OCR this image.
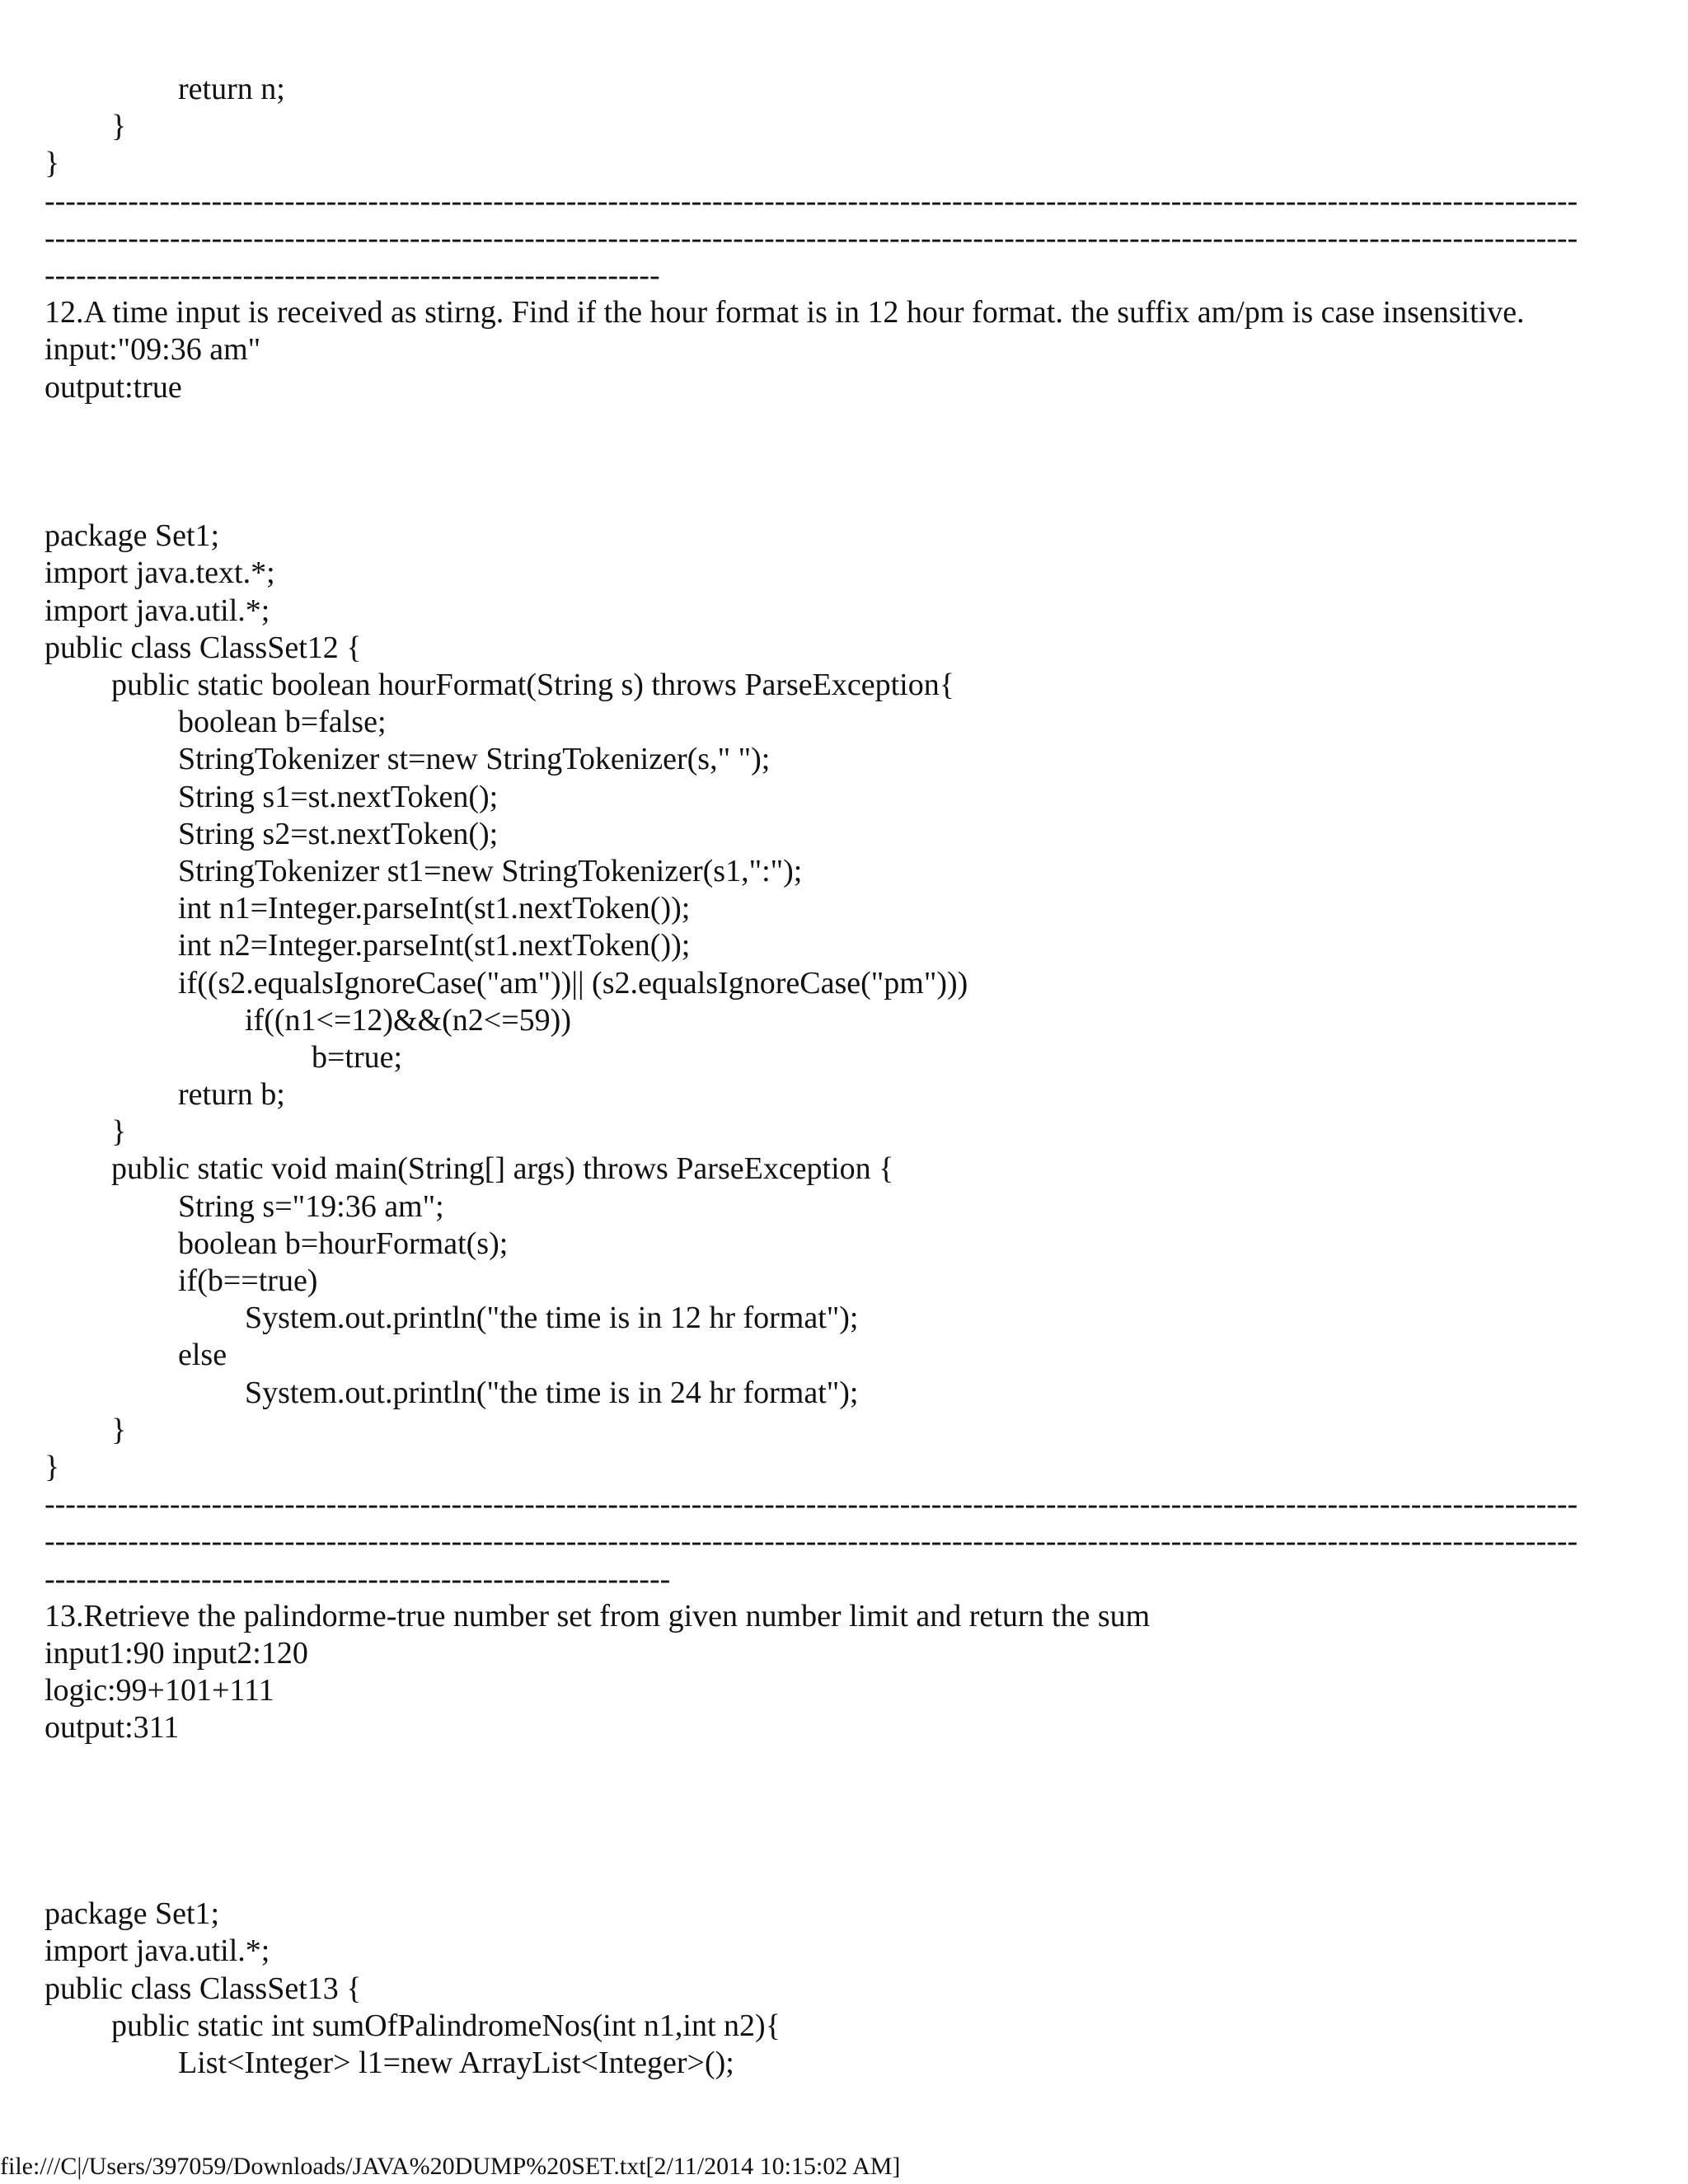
return n;
}
}
---------------------------------------------------------------------------------------------------------------------------------------------------
---------------------------------------------------------------------------------------------------------------------------------------------------
-----------------------------------------------------------
12.A time input is received as stirng. Find if the hour format is in 12 hour format. the suffix am/pm is case insensitive.
input:"09:36 am"
output:true
package Set1;
import java.text.*;
import java.util.*;
public class ClassSet12 {
public static boolean hourFormat(String s) throws ParseException{
boolean b=false;
StringTokenizer st=new StringTokenizer(s," ");
String s1=st.nextToken();
String s2=st.nextToken();
StringTokenizer st1=new StringTokenizer(s1,":");
int n1=Integer.parseInt(st1.nextToken());
int n2=Integer.parseInt(st1.nextToken());
if((s2.equalsIgnoreCase("am"))|| (s2.equalsIgnoreCase("pm")))
if((n1<=12)&&(n2<=59))
b=true;
return b;
}
public static void main(String[] args) throws ParseException {
String s="19:36 am";
boolean b=hourFormat(s);
if(b==true)
System.out.println("the time is in 12 hr format");
else
System.out.println("the time is in 24 hr format");
}
}
---------------------------------------------------------------------------------------------------------------------------------------------------
---------------------------------------------------------------------------------------------------------------------------------------------------
------------------------------------------------------------
13.Retrieve the palindorme-true number set from given number limit and return the sum
input1:90 input2:120
logic:99+101+111
output:311
package Set1;
import java.util.*;
public class ClassSet13 {
public static int sumOfPalindromeNos(int n1,int n2){
List<Integer> l1=new ArrayList<Integer>();
file:///C|/Users/397059/Downloads/JAVA%20DUMP%20SET.txt[2/11/2014 10:15:02 AM]
